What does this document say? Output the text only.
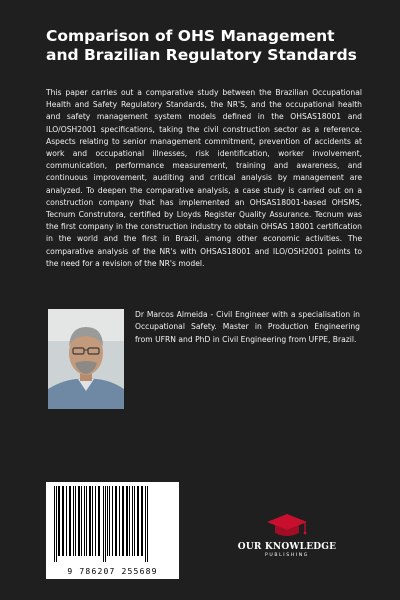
Comparison of OHS Management and Brazilian Regulatory Standards

This paper carries out a comparative study between the Brazilian Occupational Health and Safety Regulatory Standards, the NR'S, and the occupational health and safety management system models defined in the OHSAS18001 and ILO/OSH2001 specifications, taking the civil construction sector as a reference. Aspects relating to senior management commitment, prevention of accidents at work and occupational illnesses, risk identification, worker involvement, communication, performance measurement, training and awareness, and continuous improvement, auditing and critical analysis by management are analyzed. To deepen the comparative analysis, a case study is carried out on a construction company that has implemented an OHSAS18001-based OHSMS, Tecnum Construtora, certified by Lloyds Register Quality Assurance. Tecnum was the first company in the construction industry to obtain OHSAS 18001 certification in the world and the first in Brazil, among other economic activities. The comparative analysis of the NR's with OHSAS18001 and ILO/OSH2001 points to the need for a revision of the NR's model.

Dr Marcos Almeida - Civil Engineer with a specialisation in Occupational Safety. Master in Production Engineering from UFRN and PhD in Civil Engineering from UFPE, Brazil.

9 786207 255689
OUR KNOWLEDGE
PUBLISHING
